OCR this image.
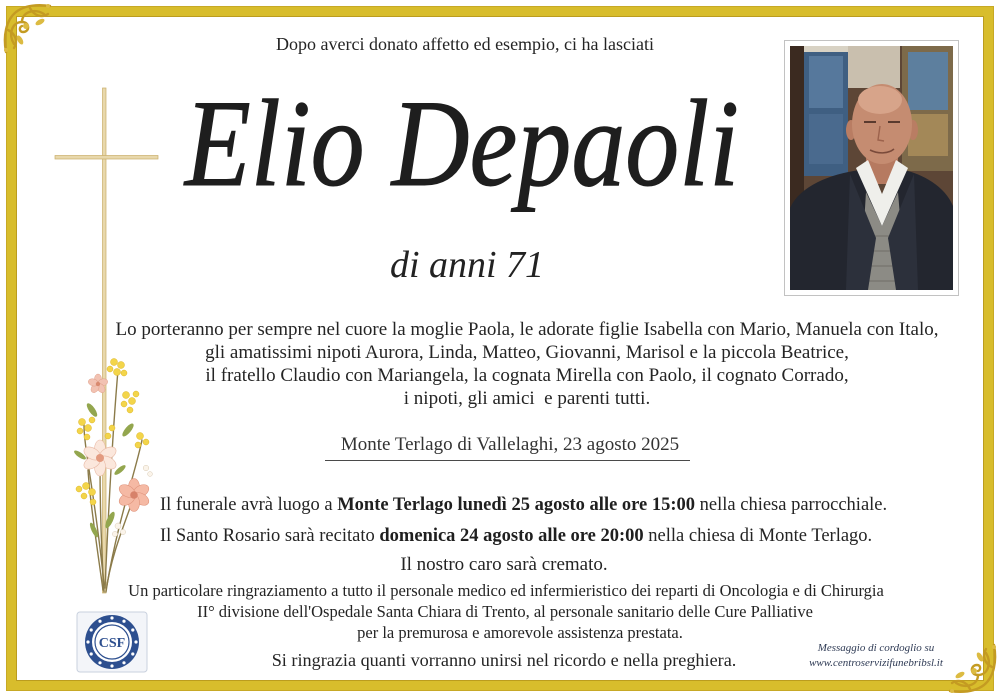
Dopo averci donato affetto ed esempio, ci ha lasciati
Elio Depaoli
di anni 71
Lo porteranno per sempre nel cuore la moglie Paola, le adorate figlie Isabella con Mario, Manuela con Italo,
gli amatissimi nipoti Aurora, Linda, Matteo, Giovanni, Marisol e la piccola Beatrice,
il fratello Claudio con Mariangela, la cognata Mirella con Paolo, il cognato Corrado,
i nipoti, gli amici  e parenti tutti.
Monte Terlago di Vallelaghi, 23 agosto 2025
Il funerale avrà luogo a Monte Terlago lunedì 25 agosto alle ore 15:00 nella chiesa parrocchiale.
Il Santo Rosario sarà recitato domenica 24 agosto alle ore 20:00 nella chiesa di Monte Terlago.
Il nostro caro sarà cremato.
Un particolare ringraziamento a tutto il personale medico ed infermieristico dei reparti di Oncologia e di Chirurgia
II° divisione dell'Ospedale Santa Chiara di Trento, al personale sanitario delle Cure Palliative
per la premurosa e amorevole assistenza prestata.
Si ringrazia quanti vorranno unirsi nel ricordo e nella preghiera.
CSF	Messaggio di cordoglio su
www.centroservizifunebribsl.it
